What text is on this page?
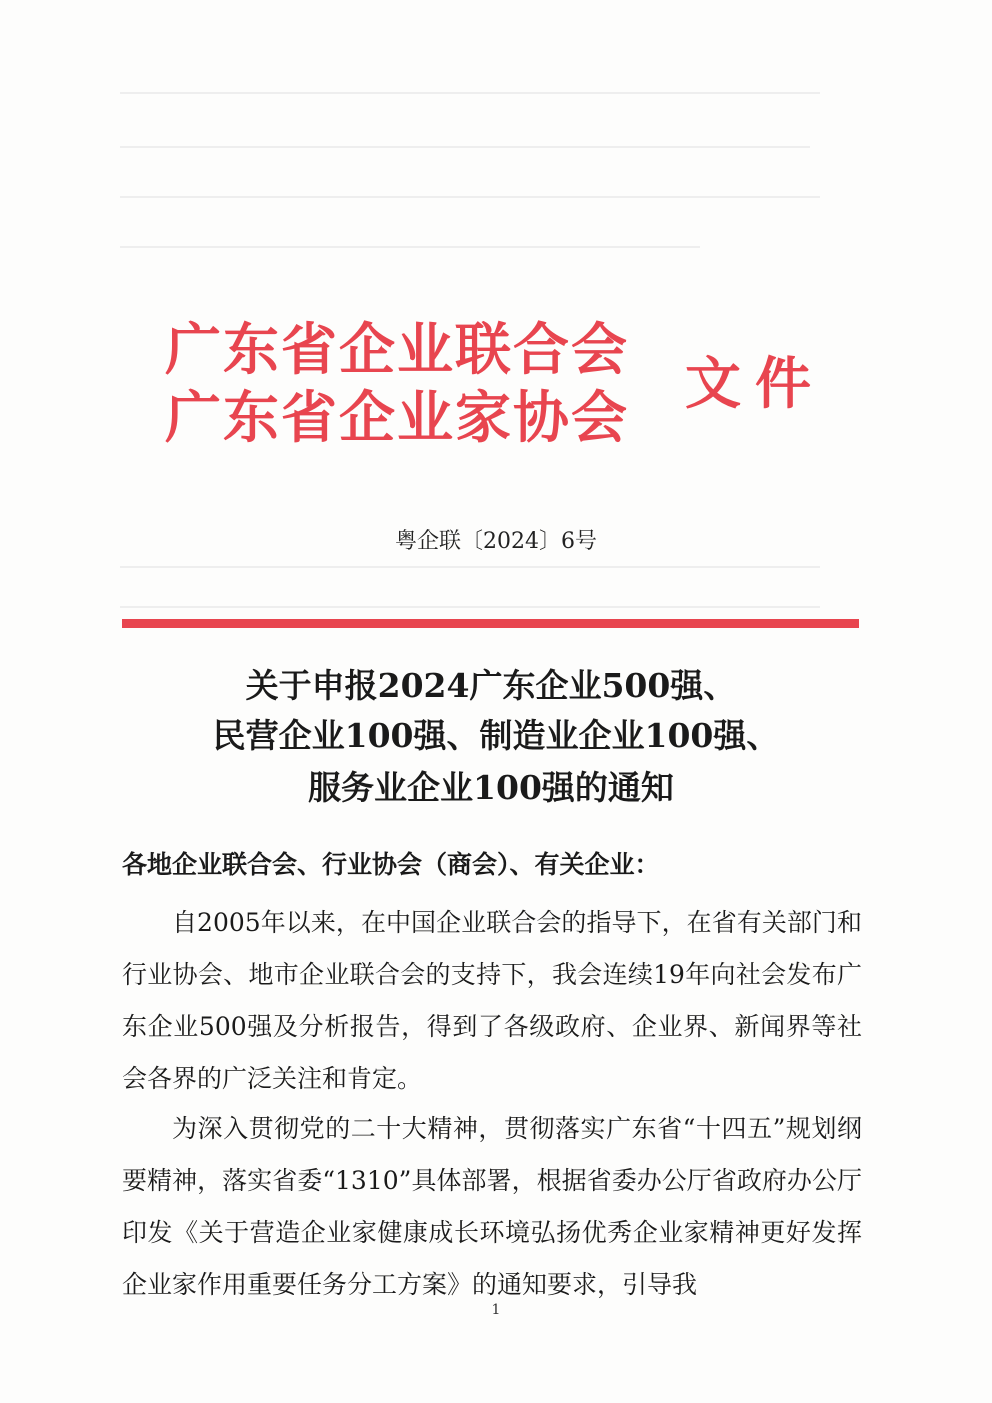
广东省企业联合会
广东省企业家协会
文件
粤企联〔2024〕6号
关于申报2024广东企业500强、
民营企业100强、制造业企业100强、
服务业企业100强的通知
各地企业联合会、行业协会（商会）、有关企业：
自2005年以来，在中国企业联合会的指导下，在省有关部门和行业协会、地市企业联合会的支持下，我会连续19年向社会发布广东企业500强及分析报告，得到了各级政府、企业界、新闻界等社会各界的广泛关注和肯定。
为深入贯彻党的二十大精神，贯彻落实广东省“十四五”规划纲要精神，落实省委“1310”具体部署，根据省委办公厅省政府办公厅印发《关于营造企业家健康成长环境弘扬优秀企业家精神更好发挥企业家作用重要任务分工方案》的通知要求，引导我
1
